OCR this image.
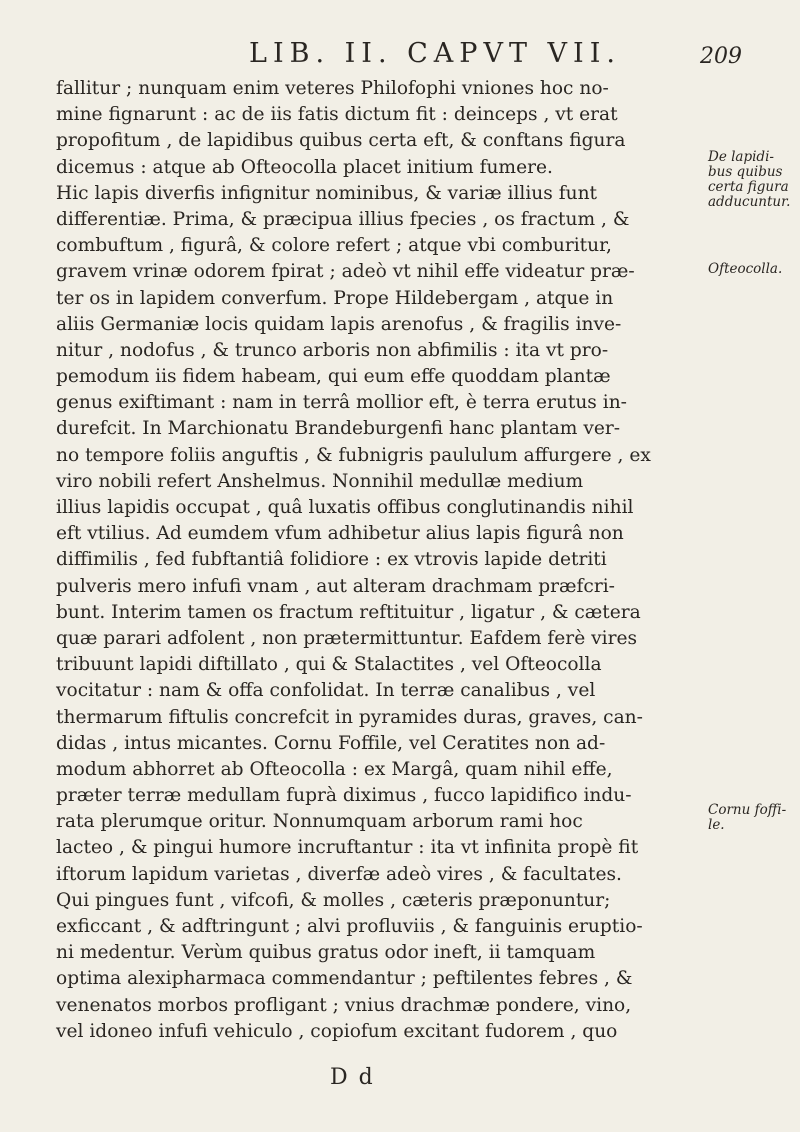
LIB. II. CAPVT VII.	209
fallitur ; nunquam enim veteres Philofophi vniones hoc no-
mine fignarunt : ac de iis fatis dictum fit : deinceps , vt erat
propofitum , de lapidibus quibus certa eft, & conftans figura
dicemus : atque ab Ofteocolla placet initium fumere.
Hic lapis diverfis infignitur nominibus, & variæ illius funt
differentiæ. Prima, & præcipua illius fpecies , os fractum , &
combuftum , figurâ, & colore refert ; atque vbi comburitur,
gravem vrinæ odorem fpirat ; adeò vt nihil effe videatur præ-
ter os in lapidem converfum. Prope Hildebergam , atque in
aliis Germaniæ locis quidam lapis arenofus , & fragilis inve-
nitur , nodofus , & trunco arboris non abfimilis : ita vt pro-
pemodum iis fidem habeam, qui eum effe quoddam plantæ
genus exiftimant : nam in terrâ mollior eft, è terra erutus in-
durefcit. In Marchionatu Brandeburgenfi hanc plantam ver-
no tempore foliis anguftis , & fubnigris paululum affurgere , ex
viro nobili refert Anshelmus. Nonnihil medullæ medium
illius lapidis occupat , quâ luxatis offibus conglutinandis nihil
eft vtilius. Ad eumdem vfum adhibetur alius lapis figurâ non
diffimilis , fed fubftantiâ folidiore : ex vtrovis lapide detriti
pulveris mero infufi vnam , aut alteram drachmam præfcri-
bunt. Interim tamen os fractum reftituitur , ligatur , & cætera
quæ parari adfolent , non prætermittuntur. Eafdem ferè vires
tribuunt lapidi diftillato , qui & Stalactites , vel Ofteocolla
vocitatur : nam & offa confolidat. In terræ canalibus , vel
thermarum fiftulis concrefcit in pyramides duras, graves, can-
didas , intus micantes. Cornu Foffile, vel Ceratites non ad-
modum abhorret ab Ofteocolla : ex Margâ, quam nihil effe,
præter terræ medullam fuprà diximus , fucco lapidifico indu-
rata plerumque oritur. Nonnumquam arborum rami hoc
lacteo , & pingui humore incruftantur : ita vt infinita propè fit
iftorum lapidum varietas , diverfæ adeò vires , & facultates.
Qui pingues funt , vifcofi, & molles , cæteris præponuntur;
exficcant , & adftringunt ; alvi profluviis , & fanguinis eruptio-
ni medentur. Verùm quibus gratus odor ineft, ii tamquam
optima alexipharmaca commendantur ; peftilentes febres , &
venenatos morbos profligant ; vnius drachmæ pondere, vino,
vel idoneo infufi vehiculo , copiofum excitant fudorem , quo
De lapidi-
bus quibus
certa figura
adducuntur.
Ofteocolla.
Cornu foffi-
le.
D d
